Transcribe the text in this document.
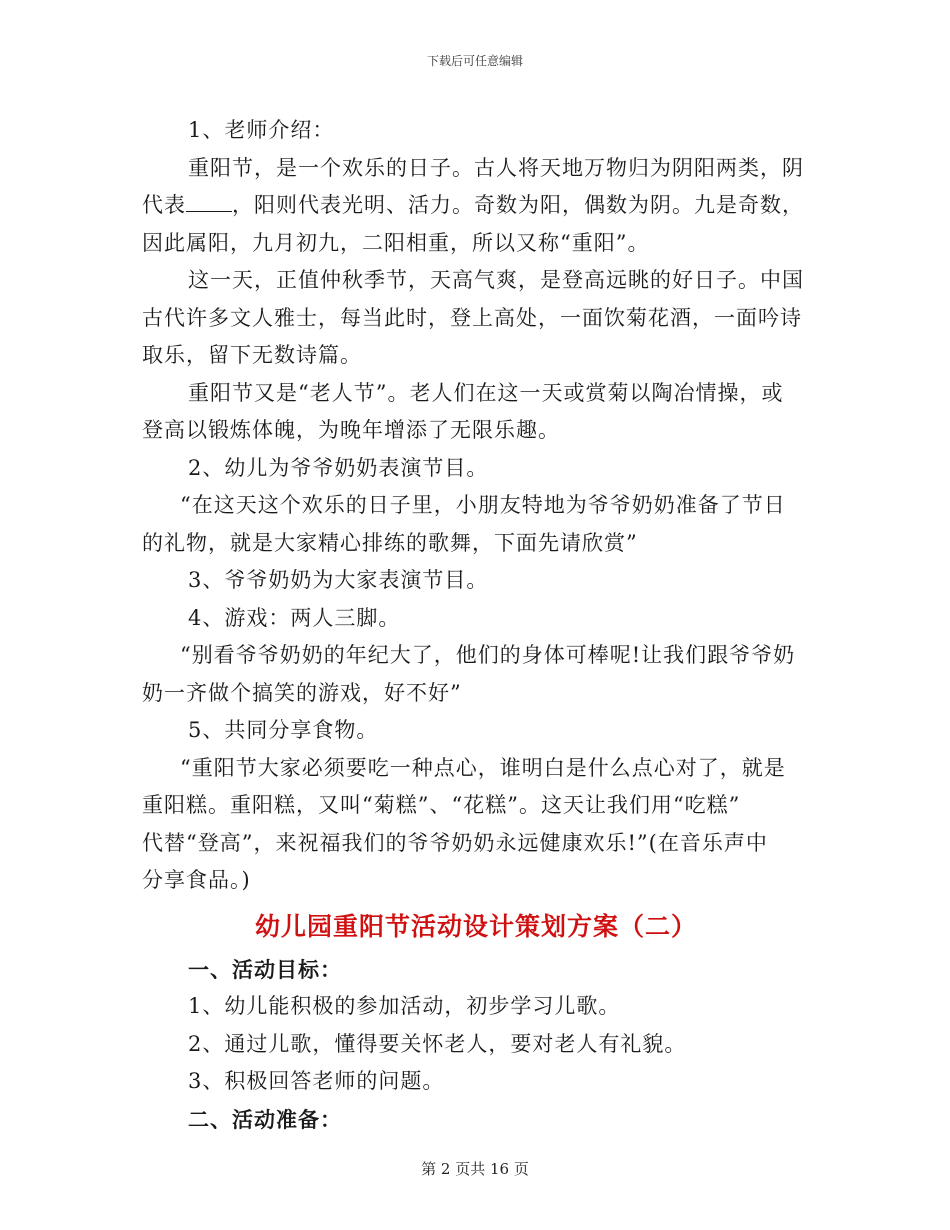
下载后可任意编辑
1、老师介绍：
重阳节，是一个欢乐的日子。古人将天地万物归为阴阳两类，阴
代表 ，阳则代表光明、活力。奇数为阳，偶数为阴。九是奇数，
因此属阳，九月初九，二阳相重，所以又称“重阳”。
这一天，正值仲秋季节，天高气爽，是登高远眺的好日子。中国
古代许多文人雅士，每当此时，登上高处，一面饮菊花酒，一面吟诗
取乐，留下无数诗篇。
重阳节又是“老人节”。老人们在这一天或赏菊以陶冶情操，或
登高以锻炼体魄，为晚年增添了无限乐趣。
2、幼儿为爷爷奶奶表演节目。
“在这天这个欢乐的日子里，小朋友特地为爷爷奶奶准备了节日
的礼物，就是大家精心排练的歌舞，下面先请欣赏”
3、爷爷奶奶为大家表演节目。
4、游戏：两人三脚。
“别看爷爷奶奶的年纪大了，他们的身体可棒呢!让我们跟爷爷奶
奶一齐做个搞笑的游戏，好不好”
5、共同分享食物。
“重阳节大家必须要吃一种点心，谁明白是什么点心对了，就是
重阳糕。重阳糕，又叫“菊糕”、“花糕”。这天让我们用“吃糕”
代替“登高”，来祝福我们的爷爷奶奶永远健康欢乐!”(在音乐声中
分享食品。)
幼儿园重阳节活动设计策划方案（二）
一、活动目标：
1、幼儿能积极的参加活动，初步学习儿歌。
2、通过儿歌，懂得要关怀老人，要对老人有礼貌。
3、积极回答老师的问题。
二、活动准备：
第 2 页共 16 页
